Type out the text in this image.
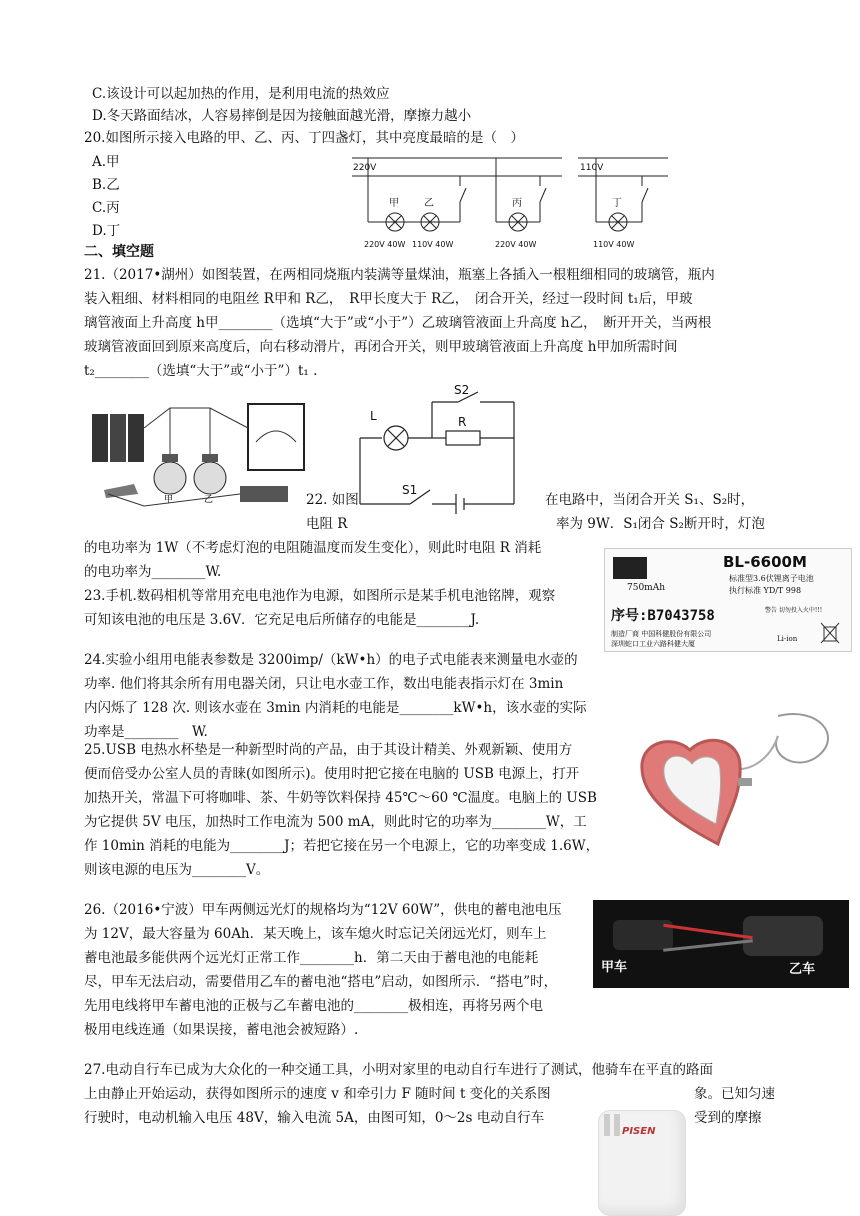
C.该设计可以起加热的作用，是利用电流的热效应
D.冬天路面结冰，人容易摔倒是因为接触面越光滑，摩擦力越小
20.如图所示接入电路的甲、乙、丙、丁四盏灯，其中亮度最暗的是（　）
A.甲
B.乙
C.丙
D.丁
220V	110V
甲	乙	丙	丁
220V 40W 110V 40W	220V 40W	110V 40W
二、填空题
21.（2017•湖州）如图装置，在两相同烧瓶内装满等量煤油，瓶塞上各插入一根粗细相同的玻璃管，瓶内
装入粗细、材料相同的电阻丝 R甲和 R乙，　R甲长度大于 R乙，　闭合开关，经过一段时间 t₁后，甲玻
璃管液面上升高度 h甲________（选填“大于”或“小于”）乙玻璃管液面上升高度 h乙，　断开开关，当两根
玻璃管液面回到原来高度后，向右移动滑片，再闭合开关，则甲玻璃管液面上升高度 h甲加所需时间
t₂________（选填“大于”或“小于”）t₁ .
甲	乙
S2
L	R
S1
22. 如图	在电路中，当闭合开关 S₁、S₂时，
电阻 R	率为 9W．S₁闭合 S₂断开时，灯泡
的电功率为 1W（不考虑灯泡的电阻随温度而发生变化），则此时电阻 R 消耗
的电功率为________W.
BL-6600M
750mAh
标准型3.6伏锂离子电池
执行标准 YD/T 998
序号:B7043758	警告 切勿投入火中!!!
制造厂商 中国科健股份有限公司
深圳蛇口工业六路科健大厦
Li-ion
23.手机.数码相机等常用充电电池作为电源，如图所示是某手机电池铭牌，观察
可知该电池的电压是 3.6V．它充足电后所储存的电能是________J.
24.实验小组用电能表参数是 3200imp/（kW•h）的电子式电能表来测量电水壶的
功率. 他们将其余所有用电器关闭，只让电水壶工作，数出电能表指示灯在 3min
内闪烁了 128 次. 则该水壶在 3min 内消耗的电能是________kW•h，该水壶的实际
功率是________　W.
25.USB 电热水杯垫是一种新型时尚的产品，由于其设计精美、外观新颖、使用方
便而倍受办公室人员的青睐(如图所示)。使用时把它接在电脑的 USB 电源上，打开
加热开关，常温下可将咖啡、茶、牛奶等饮料保持 45℃～60 ℃温度。电脑上的 USB
为它提供 5V 电压，加热时工作电流为 500 mA，则此时它的功率为________W，工
作 10min 消耗的电能为________J；若把它接在另一个电源上，它的功率变成 1.6W，
则该电源的电压为________V。
甲车	乙车
26.（2016•宁波）甲车两侧远光灯的规格均为“12V 60W”，供电的蓄电池电压
为 12V，最大容量为 60Ah．某天晚上，该车熄火时忘记关闭远光灯，则车上
蓄电池最多能供两个远光灯正常工作________h．第二天由于蓄电池的电能耗
尽，甲车无法启动，需要借用乙车的蓄电池“搭电”启动，如图所示．“搭电”时，
先用电线将甲车蓄电池的正极与乙车蓄电池的________极相连，再将另两个电
极用电线连通（如果误接，蓄电池会被短路）.
27.电动自行车已成为大众化的一种交通工具，小明对家里的电动自行车进行了测试，他骑车在平直的路面
上由静止开始运动，获得如图所示的速度 v 和牵引力 F 随时间 t 变化的关系图	象。已知匀速
行驶时，电动机输入电压 48V，输入电流 5A，由图可知，0～2s 电动自行车	受到的摩擦
PISEN
